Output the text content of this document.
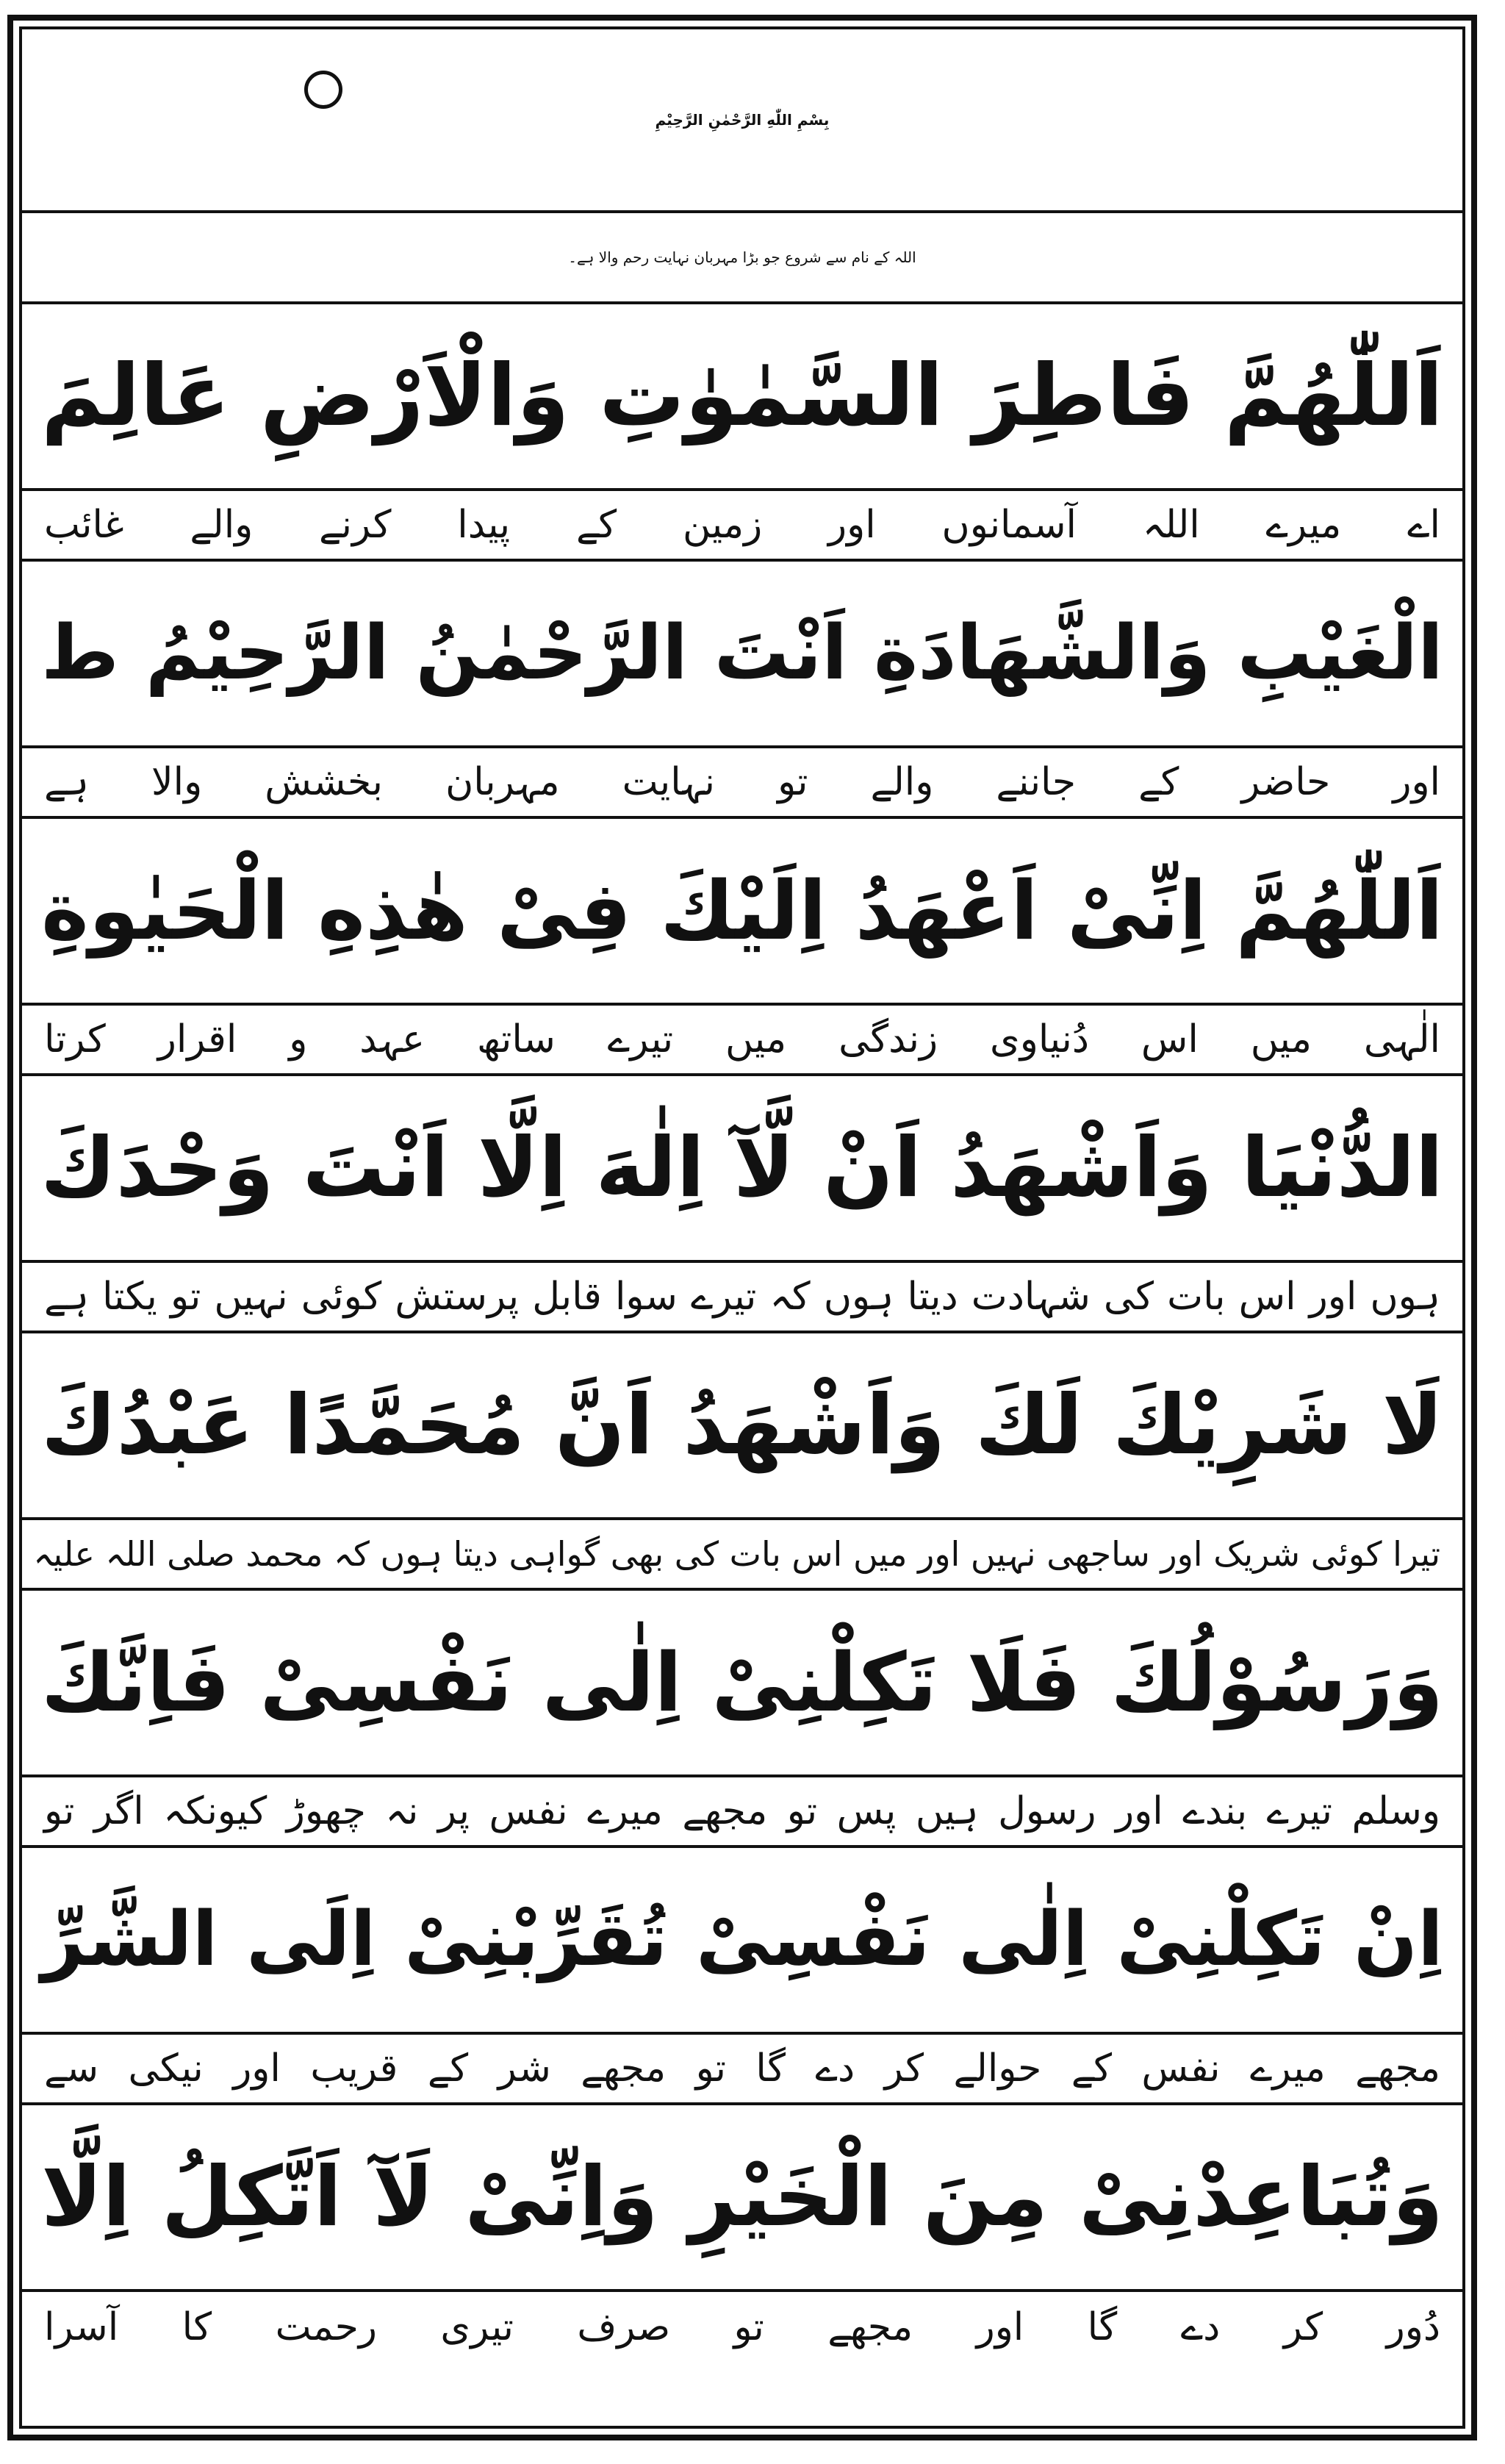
بِسْمِ اللّٰهِ الرَّحْمٰنِ الرَّحِيْمِ
اللہ کے نام سے شروع جو بڑا مہربان نہایت رحم والا ہے۔
اَللّٰهُمَّ فَاطِرَ السَّمٰوٰتِ وَالْاَرْضِ عَالِمَ
اے میرے اللہ آسمانوں اور زمین کے پیدا کرنے والے غائب
الْغَيْبِ وَالشَّهَادَةِ اَنْتَ الرَّحْمٰنُ الرَّحِيْمُ ﻁ
اور حاضر کے جاننے والے تو نہایت مہربان بخشش والا ہے
اَللّٰهُمَّ اِنِّىْ اَعْهَدُ اِلَيْكَ فِىْ هٰذِهِ الْحَيٰوةِ
الٰہی میں اس دُنیاوی زندگی میں تیرے ساتھ عہد و اقرار کرتا
الدُّنْيَا وَاَشْهَدُ اَنْ لَّآ اِلٰهَ اِلَّا اَنْتَ وَحْدَكَ
ہوں اور اس بات کی شہادت دیتا ہوں کہ تیرے سوا قابل پرستش کوئی نہیں تو یکتا ہے
لَا شَرِيْكَ لَكَ وَاَشْهَدُ اَنَّ مُحَمَّدًا عَبْدُكَ
تیرا کوئی شریک اور ساجھی نہیں اور میں اس بات کی بھی گواہی دیتا ہوں کہ محمد صلی اللہ علیہ
وَرَسُوْلُكَ فَلَا تَكِلْنِىْ اِلٰى نَفْسِىْ فَاِنَّكَ
وسلم تیرے بندے اور رسول ہیں پس تو مجھے میرے نفس پر نہ چھوڑ کیونکہ اگر تو
اِنْ تَكِلْنِىْ اِلٰى نَفْسِىْ تُقَرِّبْنِىْ اِلَى الشَّرِّ
مجھے میرے نفس کے حوالے کر دے گا تو مجھے شر کے قریب اور نیکی سے
وَتُبَاعِدْنِىْ مِنَ الْخَيْرِ وَاِنِّىْ لَآ اَتَّكِلُ اِلَّا
دُور کر دے گا اور مجھے تو صرف تیری رحمت کا آسرا
